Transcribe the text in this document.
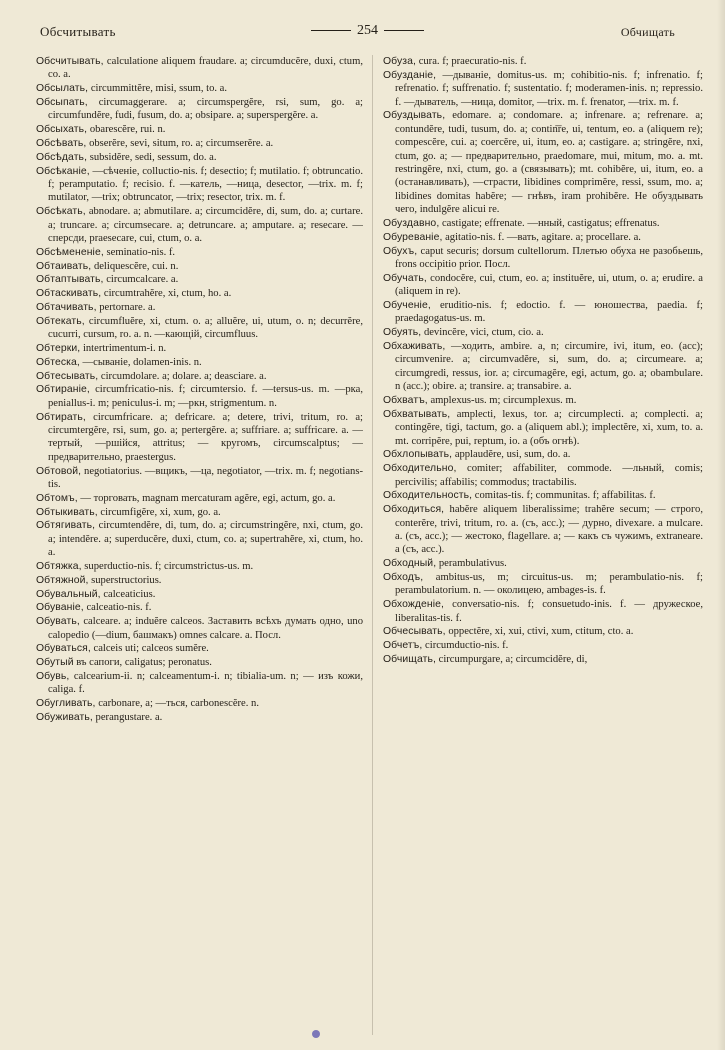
Обсчитывать	254	Обчищать

Обсчитывать, calculatione aliquem fraudare. a; circumducĕre, duxi, ctum, co. a.

Обсылать, circummittĕre, misi, ssum, to. a.

Обсыпать, circumaggerare. a; circumspergĕre, rsi, sum, go. a; circumfundĕre, fudi, fusum, do. a; obsipare. a; superspergĕre. a.

Обсыхать, obarescĕre, rui. n.

Обсѣвать, obserĕre, sevi, situm, ro. a; circumserĕre. a.

Обсѣдать, subsidĕre, sedi, sessum, do. a.

Обсѣканіе, —сѣченіе, colluctio-nis. f; desectio; f; mutilatio. f; obtruncatio. f; peramputatio. f; recisio. f. —катель, —ница, desector, —trix. m. f; mutilator, —trix; obtruncator, —trix; resector, trix. m. f.

Обсѣкать, abnodare. a; abmutilare. a; circumcidĕre, di, sum, do. a; curtare. a; truncare. a; circumsecare. a; detruncare. a; amputare. a; resecare. — сперсди, praesecare, cui, ctum, o. a.

Обсѣмененіе, seminatio-nis. f.

Обтаивать, deliquescĕre, cui. n.

Обтаптывать, circumcalcare. a.

Обтаскивать, circumtrahĕre, xi, ctum, ho. a.

Обтачивать, pertornare. a.

Обтекать, circumfluĕre, xi, ctum. o. a; alluĕre, ui, utum, o. n; decurrĕre, cucurri, cursum, ro. a. n. —кающій, circumfluus.

Обтерки, intertrimentum-i. n.

Обтеска, —сыванie, dolamen-inis. n.

Обтесывать, circumdolare. a; dolare. a; deasciare. a.

Обтираніе, circumfricatio-nis. f; circumtersio. f. —tersus-us. m. —рка, peniallus-i. m; peniculus-i. m; —ркн, strigmentum. n.

Обтирать, circumfricare. a; defricare. a; detere, trivi, tritum, ro. a; circumtergĕre, rsi, sum, go. a; pertergĕre. a; suffriare. a; suffricare. a. —тертый, —ршійся, attritus; — кругомъ, circumscalptus; — предварительно, praestergus.

Обтовой, negotiatorius. —вщикъ, —ца, negotiator, —trix. m. f; negotians-tis.

Обтомъ, — торговать, magnam mercaturam agĕre, egi, actum, go. a.

Обтыкивать, circumfigĕre, xi, xum, go. a.

Обтягивать, circumtendĕre, di, tum, do. a; circumstringĕre, nxi, ctum, go. a; intendĕre. a; superducĕre, duxi, ctum, co. a; supertrahĕre, xi, ctum, ho. a.

Обтяжка, superductio-nis. f; circumstrictus-us. m.

Обтяжной, superstructorius.

Обувальный, calceaticius.

Обуваніе, calceatio-nis. f.

Обувать, calceare. a; induĕre calceos. Заставить всѣхъ думать одно, uno calopedio (—dium, башмакъ) omnes calcare. a. Посл.

Обуваться, calceis uti; calceos sumĕre.

Обутый въ сапоги, caligatus; peronatus.

Обувь, calcearium-ii. n; calceamentum-i. n; tibialia-um. n; — изъ кожи, caliga. f.

Обугливать, carbonare, a; —ться, carbonescĕre. n.

Обуживать, perangustare. a.

Обуза, cura. f; praecuratio-nis. f.

Обузданіе, —дываніе, domitus-us. m; cohibitio-nis. f; infrenatio. f; refrenatio. f; suffrenatio. f; sustentatio. f; moderamen-inis. n; repressio. f. —дыватель, —ница, domitor, —trix. m. f. frenator, —trix. m. f.

Обуздывать, edomare. a; condomare. a; infrenare. a; refrenare. a; contundĕre, tudi, tusum, do. a; contin͞re, ui, tentum, eo. a (aliquem re); compescĕre, cui. a; coercĕre, ui, itum, eo. a; castigare. a; stringĕre, nxi, ctum, go. a; — предварительно, praedomare, mui, mitum, mo. a. mt. restringĕre, nxi, ctum, go. a (связывать); mt. cohibĕre, ui, itum, eo. a (останавливать), —страсти, libidines comprimĕre, ressi, ssum, mo. a; libidines domitas habĕre; — гнѣвъ, iram prohibĕre. Не обуздывать чего, indulgĕre alicui re.

Обуздавно, castigate; effrenate. —нный, castigatus; effrenatus.

Обуреваніе, agitatio-nis. f. —вать, agitare. a; procellare. a.

Обухъ, caput securis; dorsum cultellorum. Плетью обуха не разобьешь, frons occipitio prior. Посл.

Обучать, condocĕre, cui, ctum, eo. a; instituĕre, ui, utum, o. a; erudire. a (aliquem in re).

Обученіе, eruditio-nis. f; edoctio. f. — юношества, paedia. f; praedagogatus-us. m.

Обуять, devincĕre, vici, ctum, cio. a.

Обхаживать, —ходить, ambire. a, n; circumire, ivi, itum, eo. (acc); circumvenire. a; circumvadĕre, si, sum, do. a; circumeare. a; circumgredi, ressus, ior. a; circumagĕre, egi, actum, go. a; obambulare. n (acc.); obire. a; transire. a; transabire. a.

Обхватъ, amplexus-us. m; circumplexus. m.

Обхватывать, amplecti, lexus, tor. a; circumplecti. a; complecti. a; contingĕre, tigi, tactum, go. a (aliquem abl.); implectĕre, xi, xum, to. a. mt. corripĕre, pui, reptum, io. a (объ огнѣ).

Обхлопывать, applaudĕre, usi, sum, do. a.

Обходительно, comiter; affabiliter, commode. —льный, comis; percivilis; affabilis; commodus; tractabilis.

Обходительность, comitas-tis. f; communitas. f; affabilitas. f.

Обходиться, habĕre aliquem liberalissime; trahĕre secum; — строго, conterĕre, trivi, tritum, ro. a. (съ, асс.); — дурно, divexare. a mulcare. a. (съ, асс.); — жестоко, flagellare. a; — какъ съ чужимъ, extraneare. a (съ, асс.).

Обходный, perambulativus.

Обходъ, ambitus-us, m; circuitus-us. m; perambulatio-nis. f; perambulatorium. n. — околицею, ambages-is. f.

Обхожденіе, conversatio-nis. f; consuetudo-inis. f. — дружеское, liberalitas-tis. f.

Обчесывать, oppectĕre, xi, xui, ctivi, xum, ctitum, cto. a.

Обчетъ, circumductio-nis. f.

Обчищать, circumpurgare, a; circumcidĕre, di,
